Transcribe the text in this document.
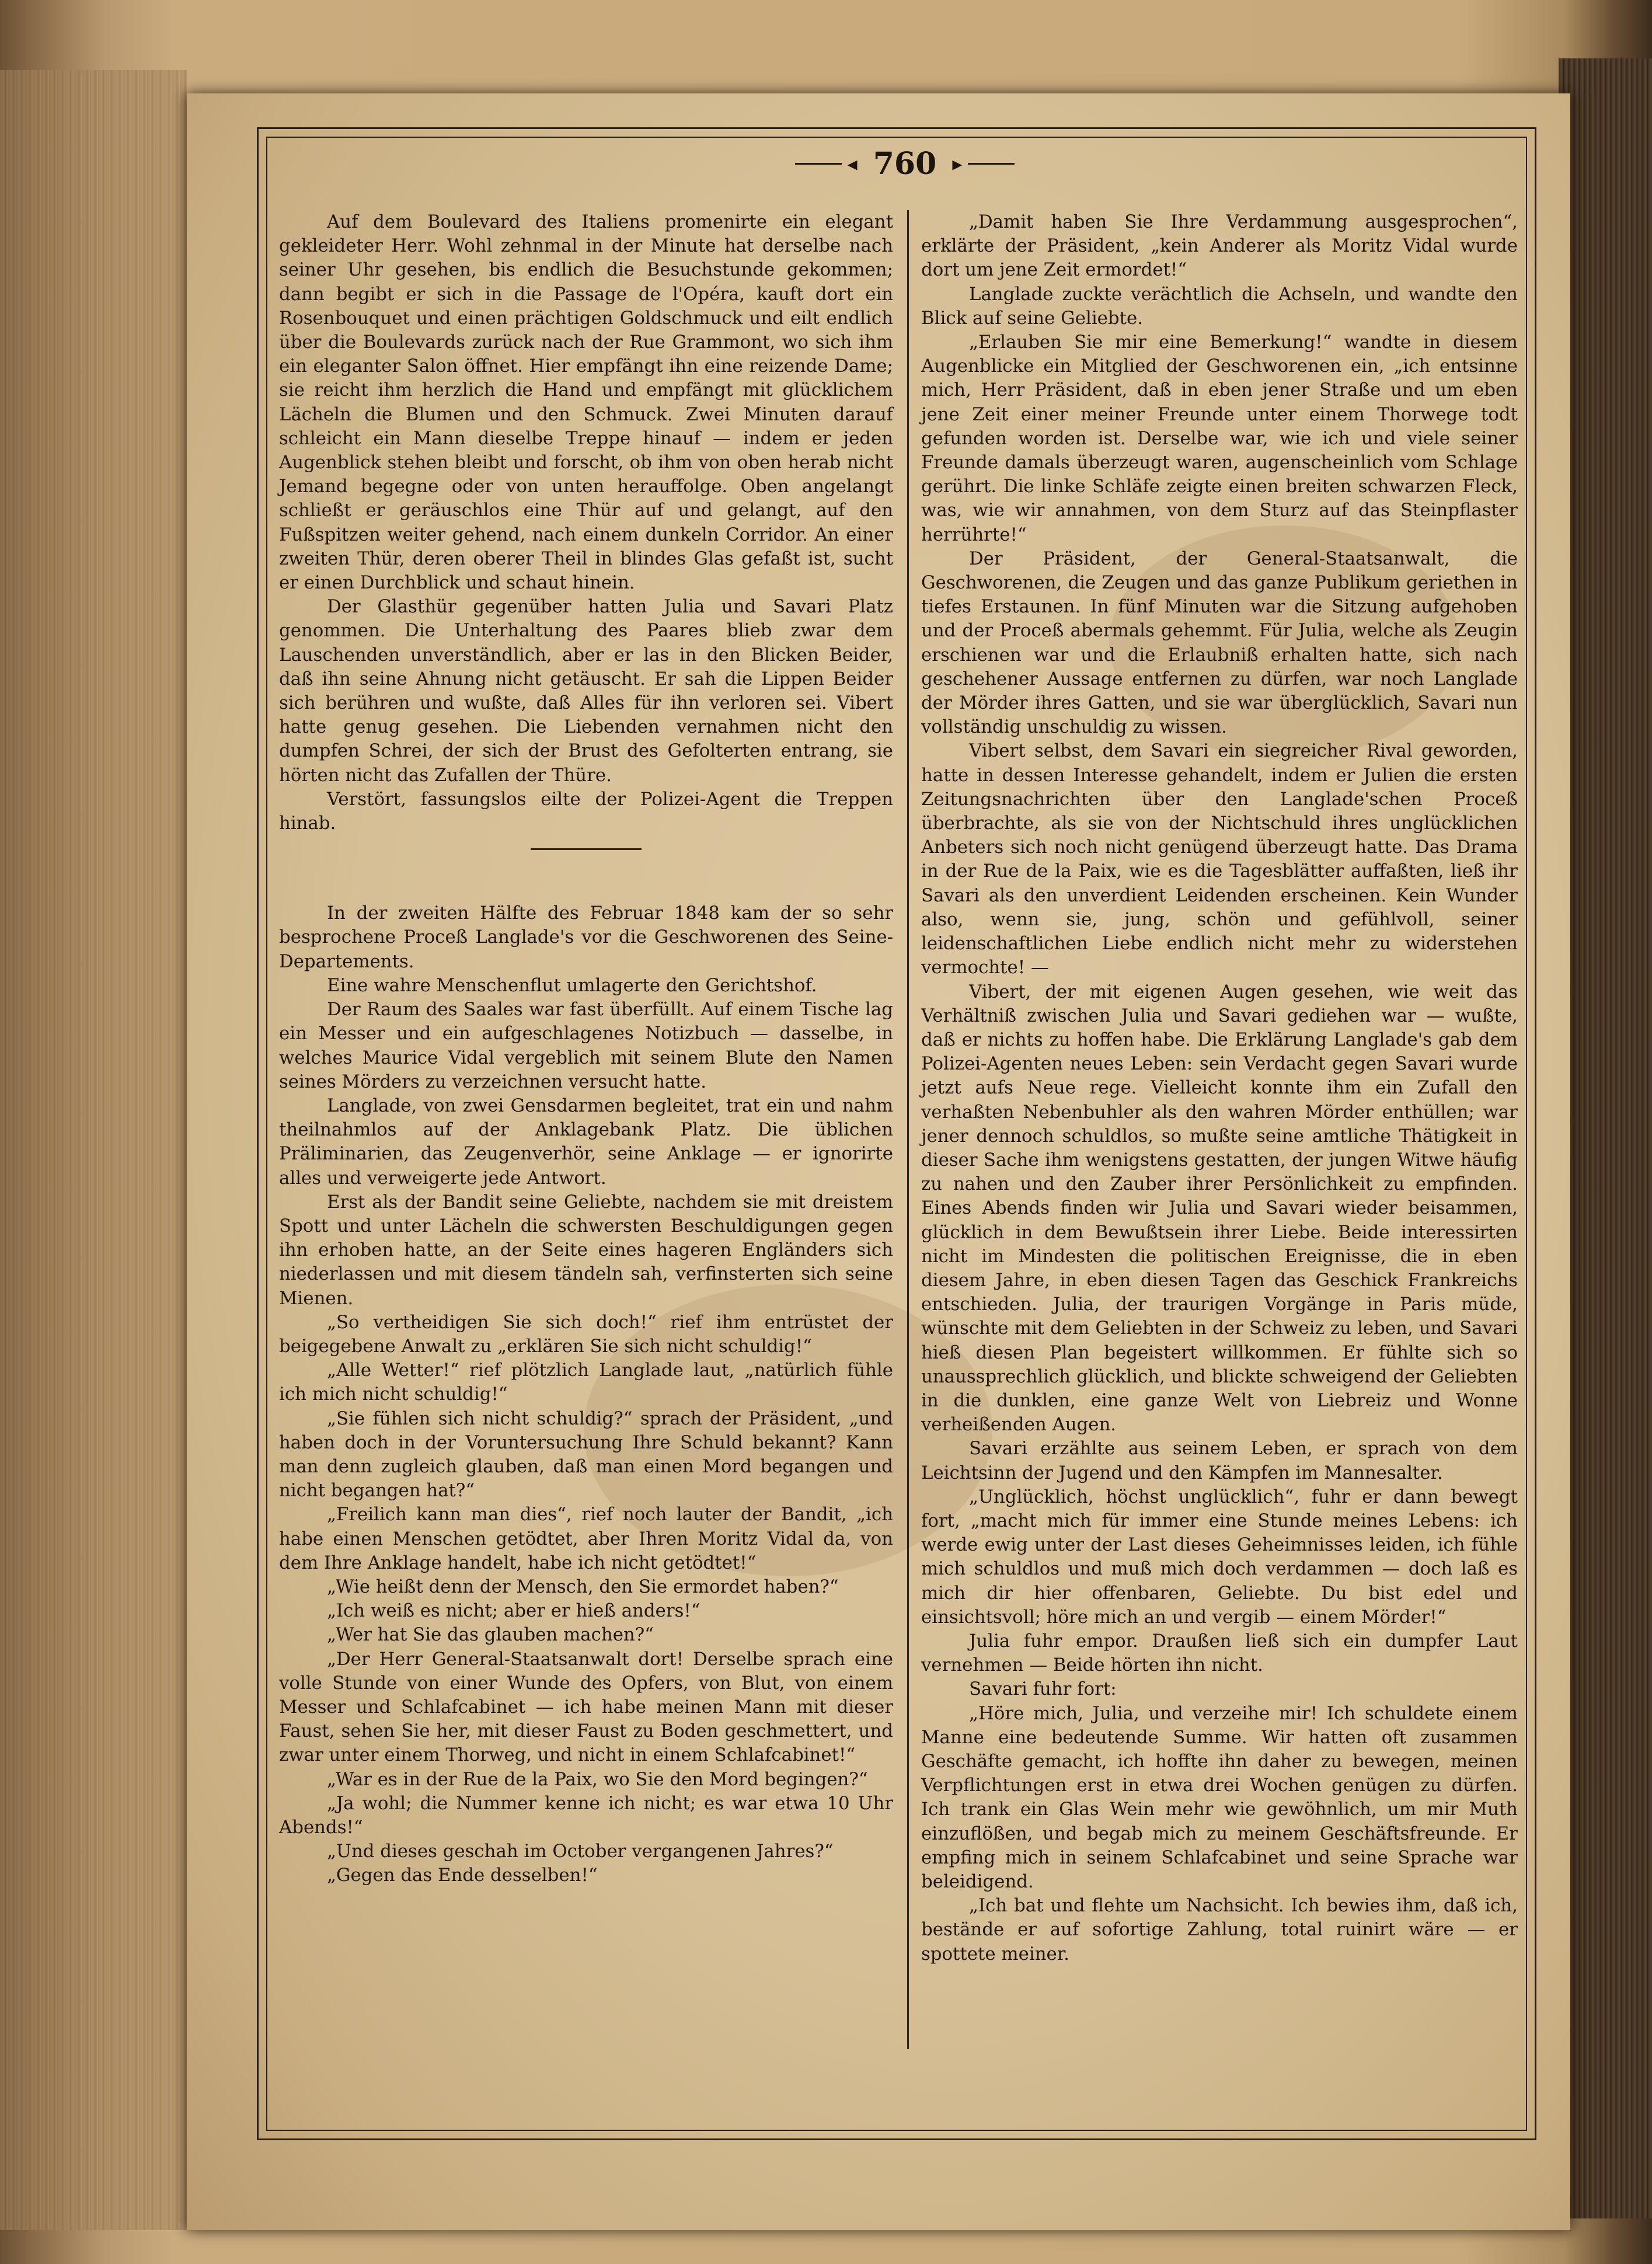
◂ 760 ▸

Auf dem Boulevard des Italiens promenirte ein elegant gekleideter Herr. Wohl zehnmal in der Minute hat derselbe nach seiner Uhr gesehen, bis endlich die Besuchstunde gekommen; dann begibt er sich in die Passage de l'Opéra, kauft dort ein Rosenbouquet und einen prächtigen Goldschmuck und eilt endlich über die Boulevards zurück nach der Rue Grammont, wo sich ihm ein eleganter Salon öffnet. Hier empfängt ihn eine reizende Dame; sie reicht ihm herzlich die Hand und empfängt mit glücklichem Lächeln die Blumen und den Schmuck. Zwei Minuten darauf schleicht ein Mann dieselbe Treppe hinauf — indem er jeden Augenblick stehen bleibt und forscht, ob ihm von oben herab nicht Jemand begegne oder von unten herauffolge. Oben angelangt schließt er geräuschlos eine Thür auf und gelangt, auf den Fußspitzen weiter gehend, nach einem dunkeln Corridor. An einer zweiten Thür, deren oberer Theil in blindes Glas gefaßt ist, sucht er einen Durchblick und schaut hinein.

Der Glasthür gegenüber hatten Julia und Savari Platz genommen. Die Unterhaltung des Paares blieb zwar dem Lauschenden unverständlich, aber er las in den Blicken Beider, daß ihn seine Ahnung nicht getäuscht. Er sah die Lippen Beider sich berühren und wußte, daß Alles für ihn verloren sei. Vibert hatte genug gesehen. Die Liebenden vernahmen nicht den dumpfen Schrei, der sich der Brust des Gefolterten entrang, sie hörten nicht das Zufallen der Thüre.

Verstört, fassungslos eilte der Polizei-Agent die Treppen hinab.

In der zweiten Hälfte des Februar 1848 kam der so sehr besprochene Proceß Langlade's vor die Geschworenen des Seine-Departements.

Eine wahre Menschenflut umlagerte den Gerichtshof.

Der Raum des Saales war fast überfüllt. Auf einem Tische lag ein Messer und ein aufgeschlagenes Notizbuch — dasselbe, in welches Maurice Vidal vergeblich mit seinem Blute den Namen seines Mörders zu verzeichnen versucht hatte.

Langlade, von zwei Gensdarmen begleitet, trat ein und nahm theilnahmlos auf der Anklagebank Platz. Die üblichen Präliminarien, das Zeugenverhör, seine Anklage — er ignorirte alles und verweigerte jede Antwort.

Erst als der Bandit seine Geliebte, nachdem sie mit dreistem Spott und unter Lächeln die schwersten Beschuldigungen gegen ihn erhoben hatte, an der Seite eines hageren Engländers sich niederlassen und mit diesem tändeln sah, verfinsterten sich seine Mienen.

„So vertheidigen Sie sich doch!“ rief ihm entrüstet der beigegebene Anwalt zu „erklären Sie sich nicht schuldig!“

„Alle Wetter!“ rief plötzlich Langlade laut, „natürlich fühle ich mich nicht schuldig!“

„Sie fühlen sich nicht schuldig?“ sprach der Präsident, „und haben doch in der Voruntersuchung Ihre Schuld bekannt? Kann man denn zugleich glauben, daß man einen Mord begangen und nicht begangen hat?“

„Freilich kann man dies“, rief noch lauter der Bandit, „ich habe einen Menschen getödtet, aber Ihren Moritz Vidal da, von dem Ihre Anklage handelt, habe ich nicht getödtet!“

„Wie heißt denn der Mensch, den Sie ermordet haben?“

„Ich weiß es nicht; aber er hieß anders!“

„Wer hat Sie das glauben machen?“

„Der Herr General-Staatsanwalt dort! Derselbe sprach eine volle Stunde von einer Wunde des Opfers, von Blut, von einem Messer und Schlafcabinet — ich habe meinen Mann mit dieser Faust, sehen Sie her, mit dieser Faust zu Boden geschmettert, und zwar unter einem Thorweg, und nicht in einem Schlafcabinet!“

„War es in der Rue de la Paix, wo Sie den Mord begingen?“

„Ja wohl; die Nummer kenne ich nicht; es war etwa 10 Uhr Abends!“

„Und dieses geschah im October vergangenen Jahres?“

„Gegen das Ende desselben!“

„Damit haben Sie Ihre Verdammung ausgesprochen“, erklärte der Präsident, „kein Anderer als Moritz Vidal wurde dort um jene Zeit ermordet!“

Langlade zuckte verächtlich die Achseln, und wandte den Blick auf seine Geliebte.

„Erlauben Sie mir eine Bemerkung!“ wandte in diesem Augenblicke ein Mitglied der Geschworenen ein, „ich entsinne mich, Herr Präsident, daß in eben jener Straße und um eben jene Zeit einer meiner Freunde unter einem Thorwege todt gefunden worden ist. Derselbe war, wie ich und viele seiner Freunde damals überzeugt waren, augenscheinlich vom Schlage gerührt. Die linke Schläfe zeigte einen breiten schwarzen Fleck, was, wie wir annahmen, von dem Sturz auf das Steinpflaster herrührte!“

Der Präsident, der General-Staatsanwalt, die Geschworenen, die Zeugen und das ganze Publikum geriethen in tiefes Erstaunen. In fünf Minuten war die Sitzung aufgehoben und der Proceß abermals gehemmt. Für Julia, welche als Zeugin erschienen war und die Erlaubniß erhalten hatte, sich nach geschehener Aussage entfernen zu dürfen, war noch Langlade der Mörder ihres Gatten, und sie war überglücklich, Savari nun vollständig unschuldig zu wissen.

Vibert selbst, dem Savari ein siegreicher Rival geworden, hatte in dessen Interesse gehandelt, indem er Julien die ersten Zeitungsnachrichten über den Langlade'schen Proceß überbrachte, als sie von der Nichtschuld ihres unglücklichen Anbeters sich noch nicht genügend überzeugt hatte. Das Drama in der Rue de la Paix, wie es die Tagesblätter auffaßten, ließ ihr Savari als den unverdient Leidenden erscheinen. Kein Wunder also, wenn sie, jung, schön und gefühlvoll, seiner leidenschaftlichen Liebe endlich nicht mehr zu widerstehen vermochte! —

Vibert, der mit eigenen Augen gesehen, wie weit das Verhältniß zwischen Julia und Savari gediehen war — wußte, daß er nichts zu hoffen habe. Die Erklärung Langlade's gab dem Polizei-Agenten neues Leben: sein Verdacht gegen Savari wurde jetzt aufs Neue rege. Vielleicht konnte ihm ein Zufall den verhaßten Nebenbuhler als den wahren Mörder enthüllen; war jener dennoch schuldlos, so mußte seine amtliche Thätigkeit in dieser Sache ihm wenigstens gestatten, der jungen Witwe häufig zu nahen und den Zauber ihrer Persönlichkeit zu empfinden. Eines Abends finden wir Julia und Savari wieder beisammen, glücklich in dem Bewußtsein ihrer Liebe. Beide interessirten nicht im Mindesten die politischen Ereignisse, die in eben diesem Jahre, in eben diesen Tagen das Geschick Frankreichs entschieden. Julia, der traurigen Vorgänge in Paris müde, wünschte mit dem Geliebten in der Schweiz zu leben, und Savari hieß diesen Plan begeistert willkommen. Er fühlte sich so unaussprechlich glücklich, und blickte schweigend der Geliebten in die dunklen, eine ganze Welt von Liebreiz und Wonne verheißenden Augen.

Savari erzählte aus seinem Leben, er sprach von dem Leichtsinn der Jugend und den Kämpfen im Mannesalter.

„Unglücklich, höchst unglücklich“, fuhr er dann bewegt fort, „macht mich für immer eine Stunde meines Lebens: ich werde ewig unter der Last dieses Geheimnisses leiden, ich fühle mich schuldlos und muß mich doch verdammen — doch laß es mich dir hier offenbaren, Geliebte. Du bist edel und einsichtsvoll; höre mich an und vergib — einem Mörder!“

Julia fuhr empor. Draußen ließ sich ein dumpfer Laut vernehmen — Beide hörten ihn nicht.

Savari fuhr fort:

„Höre mich, Julia, und verzeihe mir! Ich schuldete einem Manne eine bedeutende Summe. Wir hatten oft zusammen Geschäfte gemacht, ich hoffte ihn daher zu bewegen, meinen Verpflichtungen erst in etwa drei Wochen genügen zu dürfen. Ich trank ein Glas Wein mehr wie gewöhnlich, um mir Muth einzuflößen, und begab mich zu meinem Geschäftsfreunde. Er empfing mich in seinem Schlafcabinet und seine Sprache war beleidigend.

„Ich bat und flehte um Nachsicht. Ich bewies ihm, daß ich, bestände er auf sofortige Zahlung, total ruinirt wäre — er spottete meiner.
